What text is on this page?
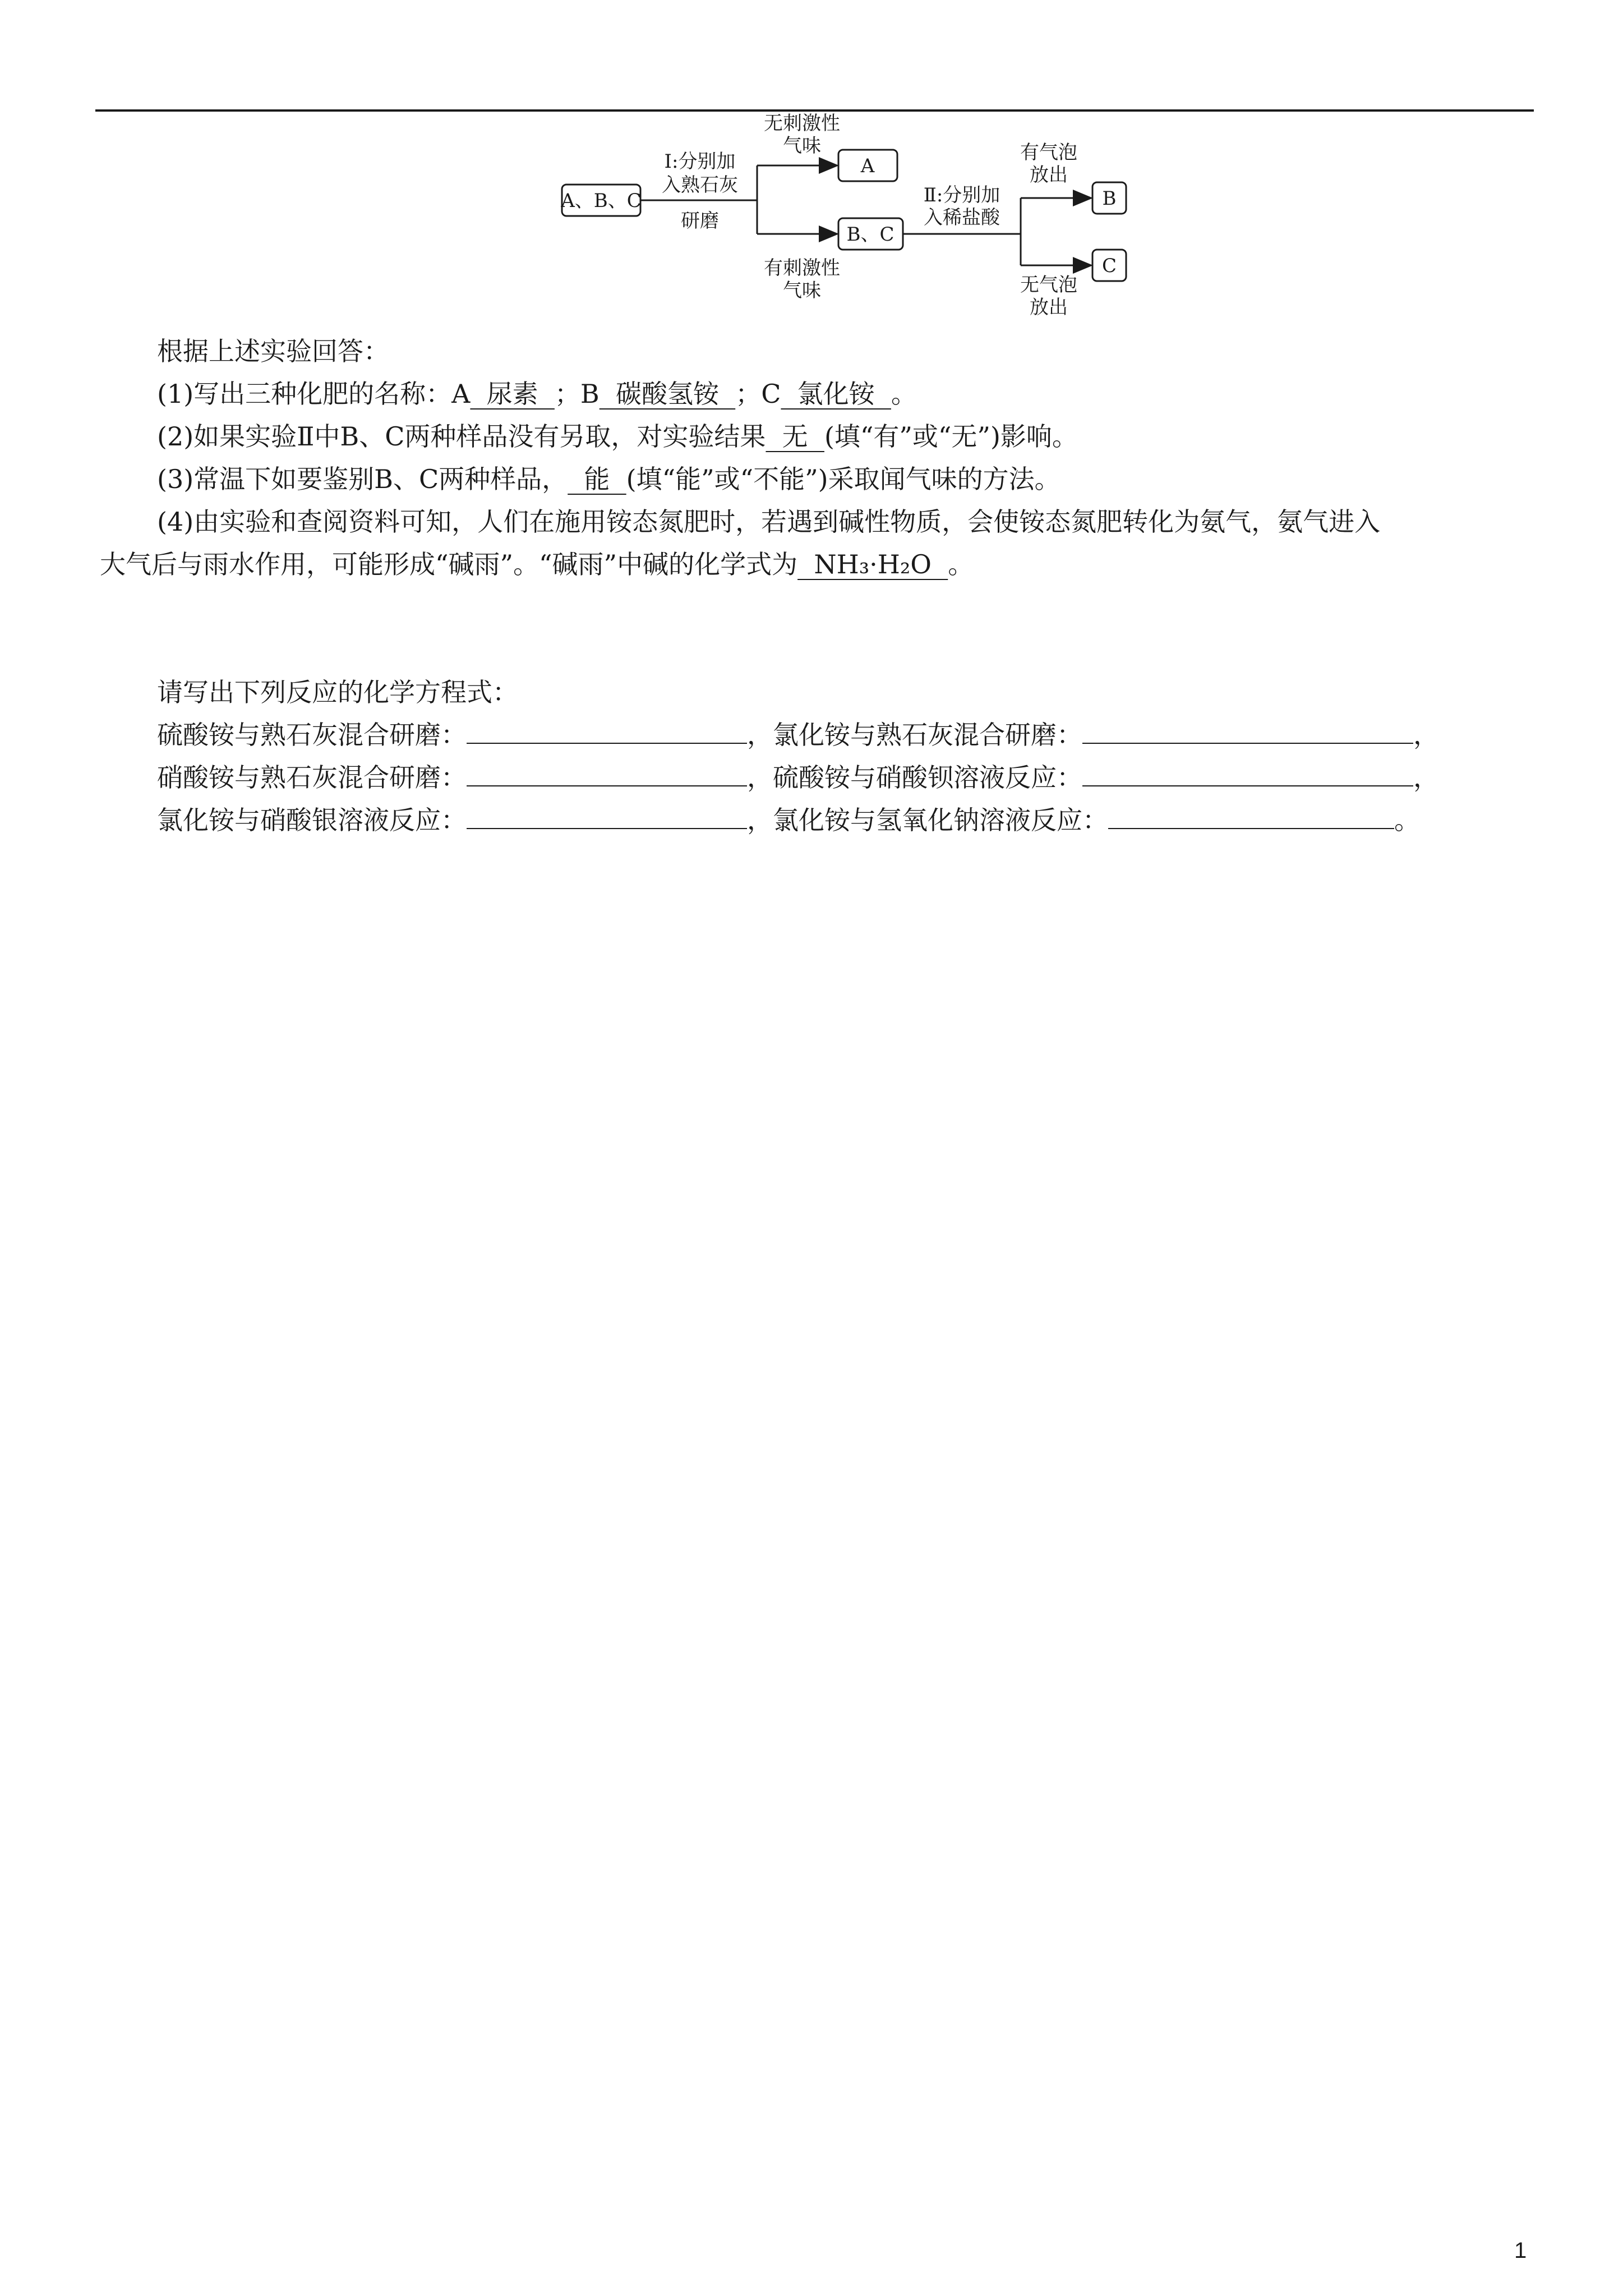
A、B、C
Ⅰ:分别加
入熟石灰
研磨
无刺激性
气味
A
有刺激性
气味
B、C
Ⅱ:分别加
入稀盐酸
有气泡
放出
B
无气泡
放出
C
根据上述实验回答：
(1)写出三种化肥的名称：A  尿素  ；B  碳酸氢铵  ；C  氯化铵  。
(2)如果实验Ⅱ中B、C两种样品没有另取，对实验结果  无  (填“有”或“无”)影响。
(3)常温下如要鉴别B、C两种样品，  能  (填“能”或“不能”)采取闻气味的方法。
(4)由实验和查阅资料可知，人们在施用铵态氮肥时，若遇到碱性物质，会使铵态氮肥转化为氨气，氨气进入
大气后与雨水作用，可能形成“碱雨”。“碱雨”中碱的化学式为  NH₃·H₂O  。
请写出下列反应的化学方程式：
硫酸铵与熟石灰混合研磨：	，氯化铵与熟石灰混合研磨：	，
硝酸铵与熟石灰混合研磨：	，硫酸铵与硝酸钡溶液反应：	，
氯化铵与硝酸银溶液反应：	，氯化铵与氢氧化钠溶液反应：	。
1
